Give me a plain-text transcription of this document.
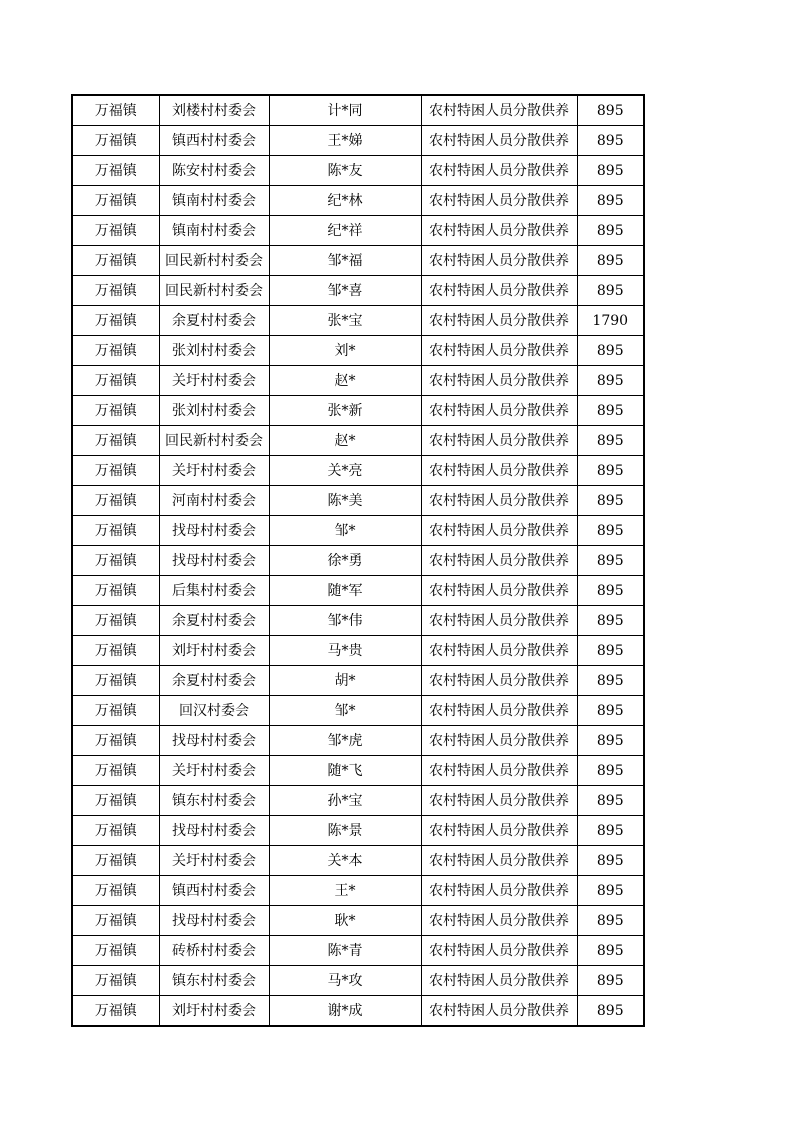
万福镇	刘楼村村委会	计*同	农村特困人员分散供养	895
万福镇	镇西村村委会	王*娣	农村特困人员分散供养	895
万福镇	陈安村村委会	陈*友	农村特困人员分散供养	895
万福镇	镇南村村委会	纪*林	农村特困人员分散供养	895
万福镇	镇南村村委会	纪*祥	农村特困人员分散供养	895
万福镇	回民新村村委会	邹*福	农村特困人员分散供养	895
万福镇	回民新村村委会	邹*喜	农村特困人员分散供养	895
万福镇	余夏村村委会	张*宝	农村特困人员分散供养	1790
万福镇	张刘村村委会	刘*	农村特困人员分散供养	895
万福镇	关圩村村委会	赵*	农村特困人员分散供养	895
万福镇	张刘村村委会	张*新	农村特困人员分散供养	895
万福镇	回民新村村委会	赵*	农村特困人员分散供养	895
万福镇	关圩村村委会	关*亮	农村特困人员分散供养	895
万福镇	河南村村委会	陈*美	农村特困人员分散供养	895
万福镇	找母村村委会	邹*	农村特困人员分散供养	895
万福镇	找母村村委会	徐*勇	农村特困人员分散供养	895
万福镇	后集村村委会	随*军	农村特困人员分散供养	895
万福镇	余夏村村委会	邹*伟	农村特困人员分散供养	895
万福镇	刘圩村村委会	马*贵	农村特困人员分散供养	895
万福镇	余夏村村委会	胡*	农村特困人员分散供养	895
万福镇	回汉村委会	邹*	农村特困人员分散供养	895
万福镇	找母村村委会	邹*虎	农村特困人员分散供养	895
万福镇	关圩村村委会	随*飞	农村特困人员分散供养	895
万福镇	镇东村村委会	孙*宝	农村特困人员分散供养	895
万福镇	找母村村委会	陈*景	农村特困人员分散供养	895
万福镇	关圩村村委会	关*本	农村特困人员分散供养	895
万福镇	镇西村村委会	王*	农村特困人员分散供养	895
万福镇	找母村村委会	耿*	农村特困人员分散供养	895
万福镇	砖桥村村委会	陈*青	农村特困人员分散供养	895
万福镇	镇东村村委会	马*攻	农村特困人员分散供养	895
万福镇	刘圩村村委会	谢*成	农村特困人员分散供养	895
